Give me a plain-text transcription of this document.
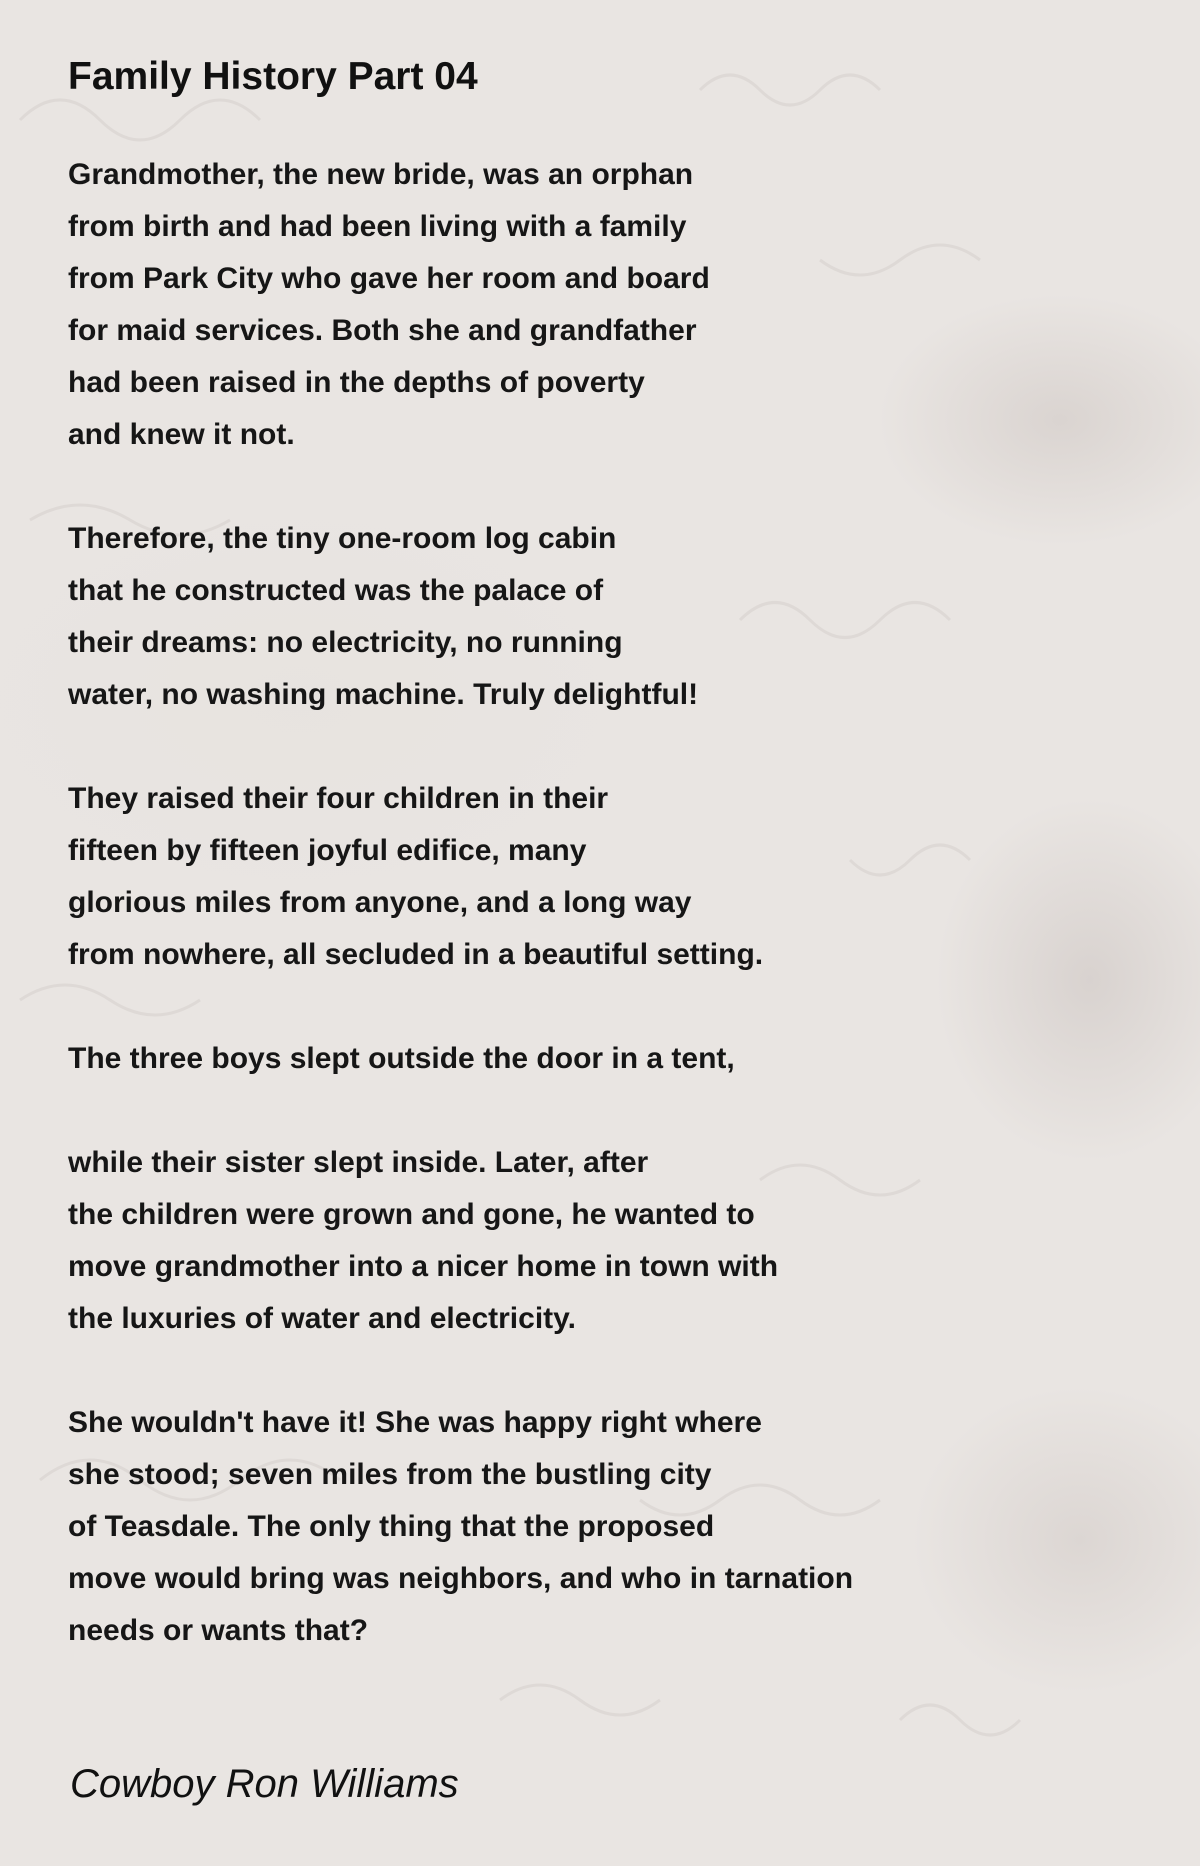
Family History Part 04
Grandmother, the new bride, was an orphan
from birth and had been living with a family
from Park City who gave her room and board
for maid services. Both she and grandfather
had been raised in the depths of poverty
and knew it not.
Therefore, the tiny one-room log cabin
that he constructed was the palace of
their dreams: no electricity, no running
water, no washing machine. Truly delightful!
They raised their four children in their
fifteen by fifteen joyful edifice, many
glorious miles from anyone, and a long way
from nowhere, all secluded in a beautiful setting.
The three boys slept outside the door in a tent,
while their sister slept inside. Later, after
the children were grown and gone, he wanted to
move grandmother into a nicer home in town with
the luxuries of water and electricity.
She wouldn't have it! She was happy right where
she stood; seven miles from the bustling city
of Teasdale. The only thing that the proposed
move would bring was neighbors, and who in tarnation
needs or wants that?
Cowboy Ron Williams
